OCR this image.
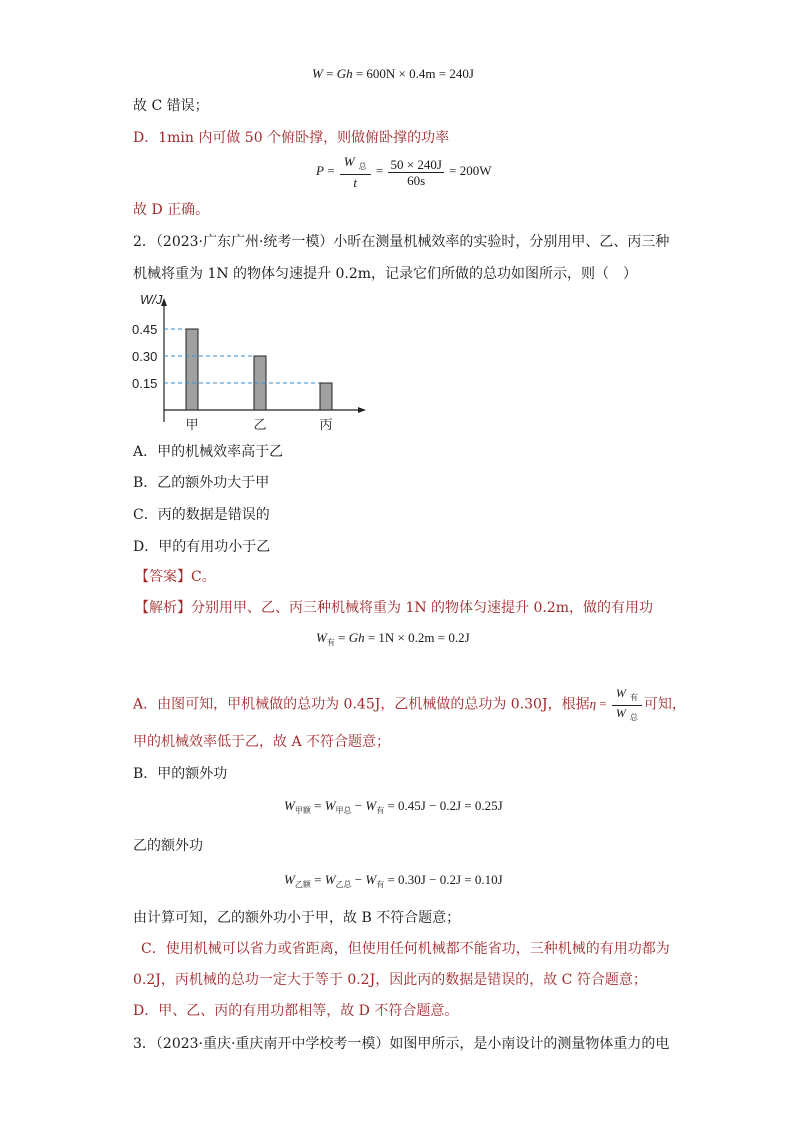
W = Gh = 600N × 0.4m = 240J
故 C 错误；
D．1min 内可做 50 个俯卧撑，则做俯卧撑的功率
$P = \frac{W _总}{t} = \frac{50 \times 240J}{60s} = 200W$
故 D 正确。
2．（2023·广东广州·统考一模）小昕在测量机械效率的实验时，分别用甲、乙、丙三种
机械将重为 1N 的物体匀速提升 0.2m，记录它们所做的总功如图所示，则（　）
W/J
0.45
甲
0.30
乙
0.15
丙
A．甲的机械效率高于乙
B．乙的额外功大于甲
C．丙的数据是错误的
D．甲的有用功小于乙
【答案】C。
【解析】分别用甲、乙、丙三种机械将重为 1N 的物体匀速提升 0.2m，做的有用功
$W_有 = Gh = 1N \times 0.2m = 0.2J$
A．由图可知，甲机械做的总功为 0.45J，乙机械做的总功为 0.30J，根据$\eta = \frac{W _有}{W _总}$ 可知，
甲的机械效率低于乙，故 A 不符合题意；
B．甲的额外功
$W_{甲额} = W_{甲总} - W_有 = 0.45J - 0.2J = 0.25J$
乙的额外功
$W_{乙额} = W_{乙总} - W_有 = 0.30J - 0.2J = 0.10J$
由计算可知，乙的额外功小于甲，故 B 不符合题意；
C．使用机械可以省力或省距离，但使用任何机械都不能省功，三种机械的有用功都为
0.2J，丙机械的总功一定大于等于 0.2J，因此丙的数据是错误的，故 C 符合题意；
D．甲、乙、丙的有用功都相等，故 D 不符合题意。
3．（2023·重庆·重庆南开中学校考一模）如图甲所示，是小南设计的测量物体重力的电
